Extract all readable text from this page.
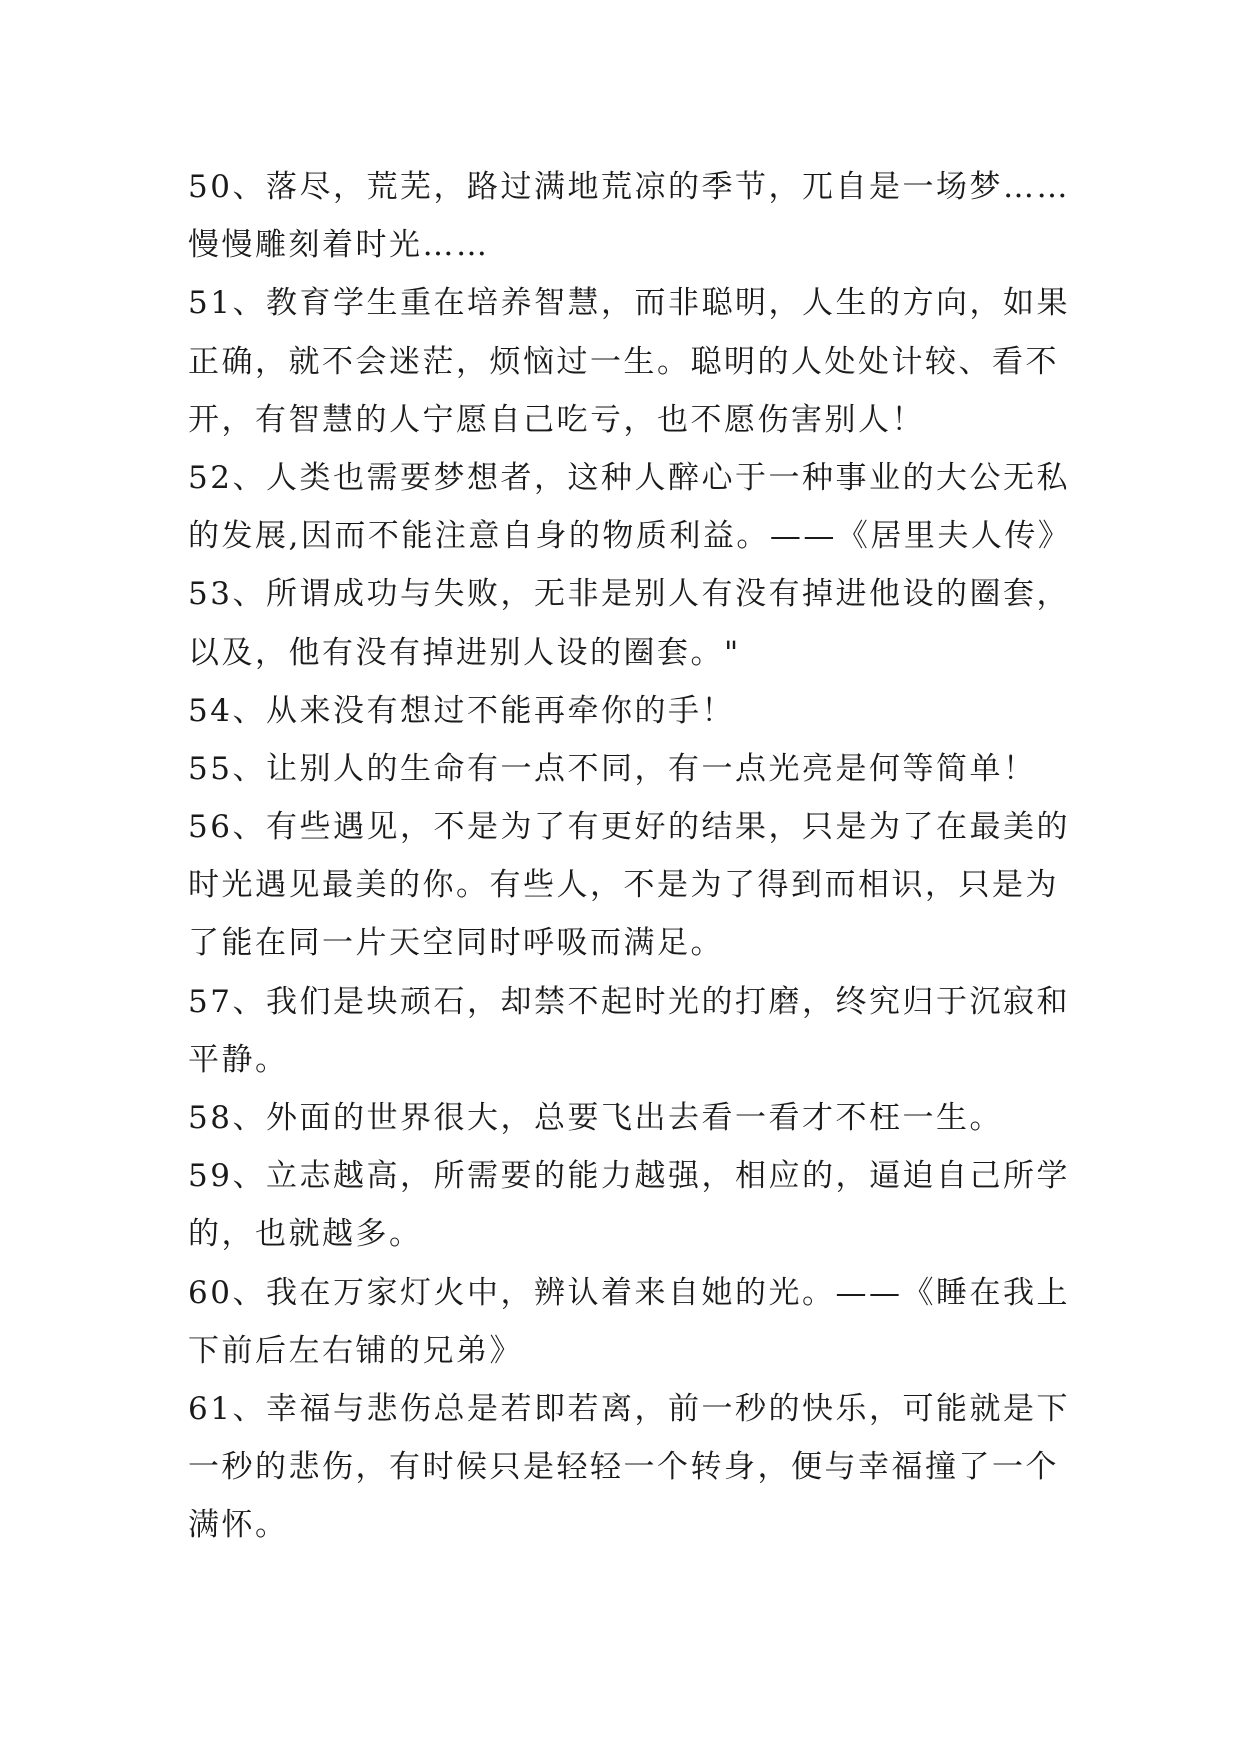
50、落尽，荒芜，路过满地荒凉的季节，兀自是一场梦……
慢慢雕刻着时光……
51、教育学生重在培养智慧，而非聪明，人生的方向，如果
正确，就不会迷茫，烦恼过一生。聪明的人处处计较、看不
开，有智慧的人宁愿自己吃亏，也不愿伤害别人！
52、人类也需要梦想者，这种人醉心于一种事业的大公无私
的发展,因而不能注意自身的物质利益。——《居里夫人传》
53、所谓成功与失败，无非是别人有没有掉进他设的圈套，
以及，他有没有掉进别人设的圈套。"
54、从来没有想过不能再牵你的手！
55、让别人的生命有一点不同，有一点光亮是何等简单！
56、有些遇见，不是为了有更好的结果，只是为了在最美的
时光遇见最美的你。有些人，不是为了得到而相识，只是为
了能在同一片天空同时呼吸而满足。
57、我们是块顽石，却禁不起时光的打磨，终究归于沉寂和
平静。
58、外面的世界很大，总要飞出去看一看才不枉一生。
59、立志越高，所需要的能力越强，相应的，逼迫自己所学
的，也就越多。
60、我在万家灯火中，辨认着来自她的光。——《睡在我上
下前后左右铺的兄弟》
61、幸福与悲伤总是若即若离，前一秒的快乐，可能就是下
一秒的悲伤，有时候只是轻轻一个转身，便与幸福撞了一个
满怀。
